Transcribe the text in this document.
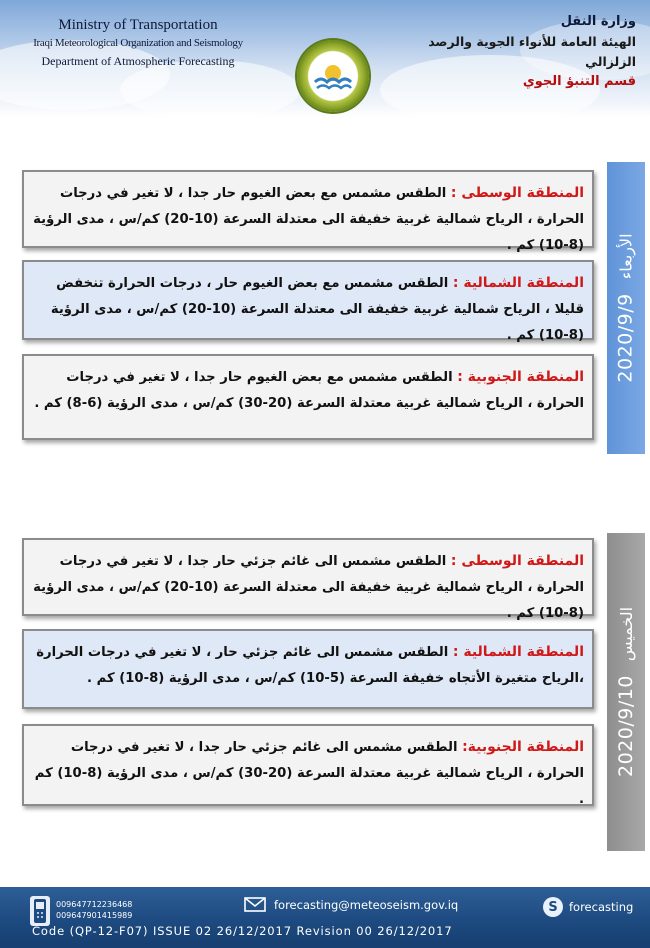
Ministry of Transportation
Iraqi Meteorological Organization and Seismology
Department of Atmospheric Forecasting
وزارة النقل
الهيئة العامة للأنواء الجوية والرصد الزلزالي
قسم التنبؤ الجوي
2020/9/9
الأربعاء
المنطقة الوسطى : الطقس مشمس مع بعض الغيوم حار جدا ، لا تغير في درجات الحرارة ، الرياح شمالية غربية خفيفة الى معتدلة السرعة (10-20) كم/س ، مدى الرؤية (8-10) كم .
المنطقة الشمالية : الطقس مشمس مع بعض الغيوم حار ، درجات الحرارة تنخفض قليلا ، الرياح شمالية غربية خفيفة الى معتدلة السرعة (10-20) كم/س ، مدى الرؤية (8-10) كم .
المنطقة الجنوبية : الطقس مشمس مع بعض الغيوم حار جدا ، لا تغير في درجات الحرارة ، الرياح شمالية غربية معتدلة السرعة (20-30) كم/س ، مدى الرؤية (6-8) كم .
2020/9/10
الخميس
المنطقة الوسطى : الطقس مشمس الى غائم جزئي حار جدا ، لا تغير في درجات الحرارة ، الرياح شمالية غربية خفيفة الى معتدلة السرعة (10-20) كم/س ، مدى الرؤية (8-10) كم .
المنطقة الشمالية : الطقس مشمس الى غائم جزئي حار ، لا تغير في درجات الحرارة ،الرياح متغيرة الأتجاه خفيفة السرعة (5-10) كم/س ، مدى الرؤية (8-10) كم .
المنطقة الجنوبية: الطقس مشمس الى غائم جزئي حار جدا ، لا تغير في درجات الحرارة ، الرياح شمالية غربية معتدلة السرعة (20-30) كم/س ، مدى الرؤية (8-10) كم .
009647712236468
009647901415989
forecasting@meteoseism.gov.iq	S forecasting
Code (QP-12-F07) ISSUE 02 26/12/2017 Revision 00 26/12/2017
